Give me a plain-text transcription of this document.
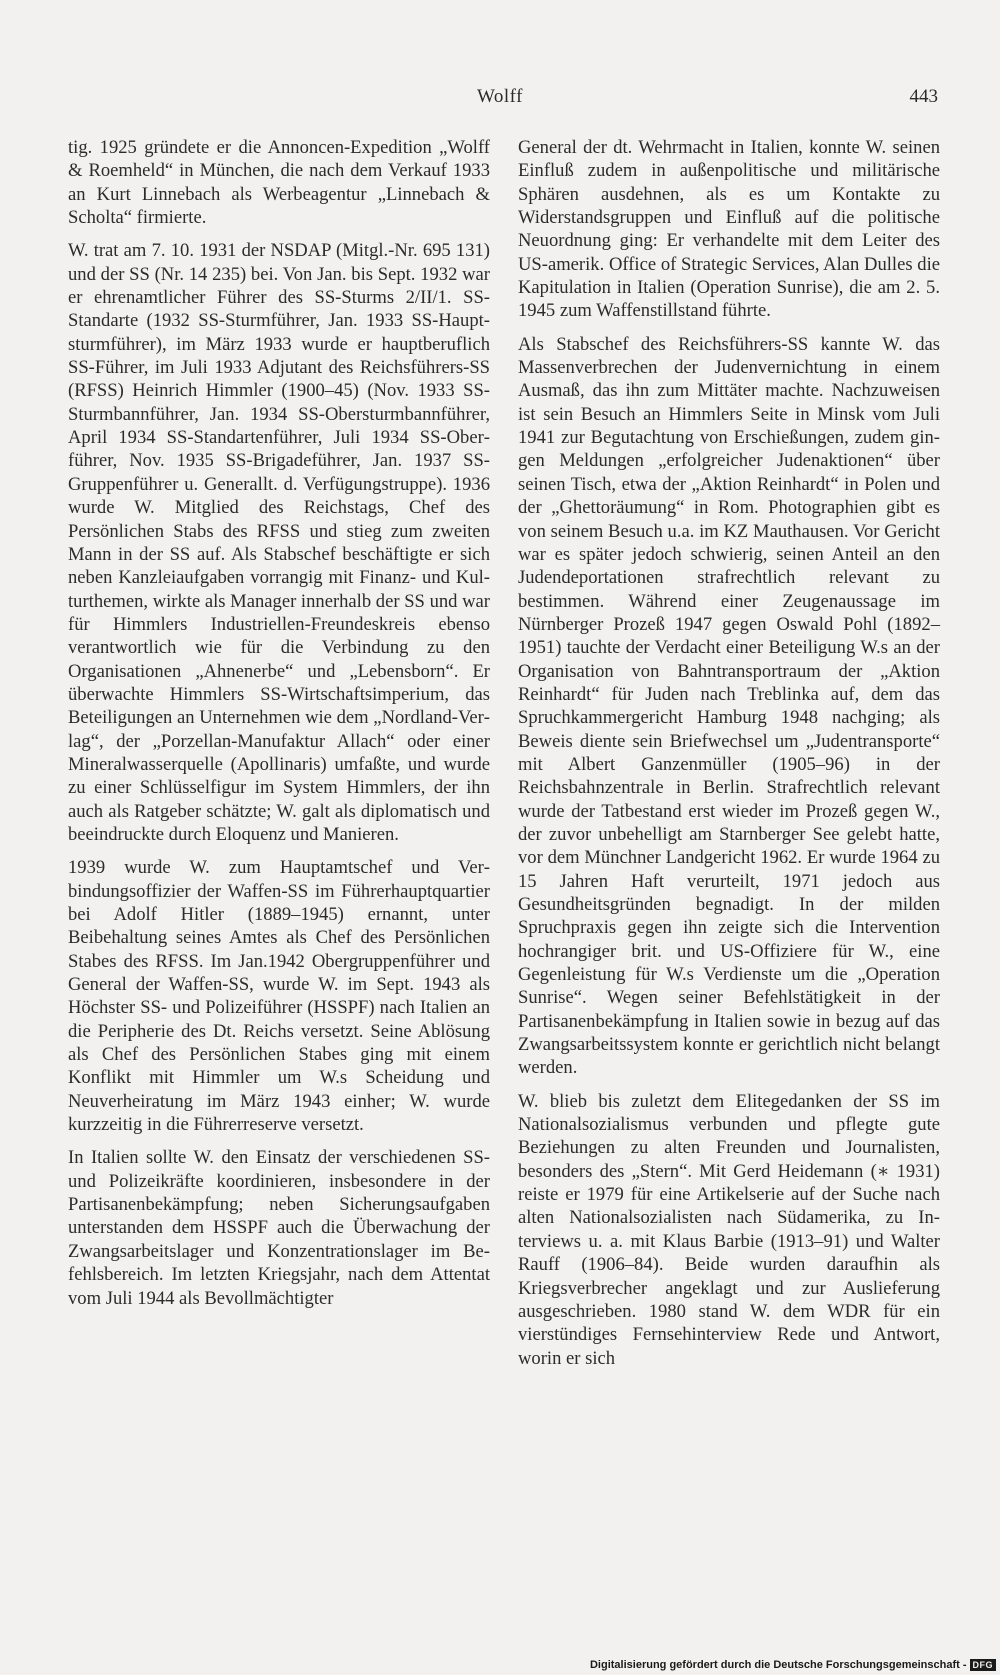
Wolff	443

tig. 1925 gründete er die Annoncen-Expedition „Wolff & Roemheld“ in München, die nach dem Verkauf 1933 an Kurt Linnebach als Werbeagentur „Linnebach & Scholta“ firmierte.

W. trat am 7. 10. 1931 der NSDAP (Mitgl.-Nr. 695 131) und der SS (Nr. 14 235) bei. Von Jan. bis Sept. 1932 war er ehrenamtlicher Führer des SS-Sturms 2/II/1. SS-Standarte (1932 SS-Sturmführer, Jan. 1933 SS-Hauptsturmführer), im März 1933 wurde er hauptberuflich SS-Führer, im Juli 1933 Adjutant des Reichsführers-SS (RFSS) Heinrich Himmler (1900–45) (Nov. 1933 SS-Sturmbannführer, Jan. 1934 SS-Obersturmbannführer, April 1934 SS-Standartenführer, Juli 1934 SS-Oberführer, Nov. 1935 SS-Brigadeführer, Jan. 1937 SS-Gruppenführer u. Generallt. d. Verfügungstruppe). 1936 wurde W. Mitglied des Reichstags, Chef des Persönlichen Stabs des RFSS und stieg zum zweiten Mann in der SS auf. Als Stabschef beschäftigte er sich neben Kanzleiaufgaben vorrangig mit Finanz- und Kulturthemen, wirkte als Manager innerhalb der SS und war für Himmlers Industriellen-Freundeskreis ebenso verantwortlich wie für die Verbindung zu den Organisationen „Ahnenerbe“ und „Lebensborn“. Er überwachte Himmlers SS-Wirtschaftsimperium, das Beteiligungen an Unternehmen wie dem „Nordland-Verlag“, der „Porzellan-Manufaktur Allach“ oder einer Mineralwasserquelle (Apollinaris) umfaßte, und wurde zu einer Schlüsselfigur im System Himmlers, der ihn auch als Ratgeber schätzte; W. galt als diplomatisch und beeindruckte durch Eloquenz und Manieren.

1939 wurde W. zum Hauptamtschef und Verbindungsoffizier der Waffen-SS im Führerhauptquartier bei Adolf Hitler (1889–1945) ernannt, unter Beibehaltung seines Amtes als Chef des Persönlichen Stabes des RFSS. Im Jan.1942 Obergruppenführer und General der Waffen-SS, wurde W. im Sept. 1943 als Höchster SS- und Polizeiführer (HSSPF) nach Italien an die Peripherie des Dt. Reichs versetzt. Seine Ablösung als Chef des Persönlichen Stabes ging mit einem Konflikt mit Himmler um W.s Scheidung und Neuverheiratung im März 1943 einher; W. wurde kurzzeitig in die Führerreserve versetzt.

In Italien sollte W. den Einsatz der verschiedenen SS- und Polizeikräfte koordinieren, insbesondere in der Partisanenbekämpfung; neben Sicherungsaufgaben unterstanden dem HSSPF auch die Überwachung der Zwangsarbeitslager und Konzentrationslager im Befehlsbereich. Im letzten Kriegsjahr, nach dem Attentat vom Juli 1944 als Bevollmächtigter

General der dt. Wehrmacht in Italien, konnte W. seinen Einfluß zudem in außenpolitische und militärische Sphären ausdehnen, als es um Kontakte zu Widerstandsgruppen und Einfluß auf die politische Neuordnung ging: Er verhandelte mit dem Leiter des US-amerik. Office of Strategic Services, Alan Dulles die Kapitulation in Italien (Operation Sunrise), die am 2. 5. 1945 zum Waffenstillstand führte.

Als Stabschef des Reichsführers-SS kannte W. das Massenverbrechen der Judenvernichtung in einem Ausmaß, das ihn zum Mittäter machte. Nachzuweisen ist sein Besuch an Himmlers Seite in Minsk vom Juli 1941 zur Begutachtung von Erschießungen, zudem gingen Meldungen „erfolgreicher Judenaktionen“ über seinen Tisch, etwa der „Aktion Reinhardt“ in Polen und der „Ghettoräumung“ in Rom. Photographien gibt es von seinem Besuch u.a. im KZ Mauthausen. Vor Gericht war es später jedoch schwierig, seinen Anteil an den Judendeportationen strafrechtlich relevant zu bestimmen. Während einer Zeugenaussage im Nürnberger Prozeß 1947 gegen Oswald Pohl (1892–1951) tauchte der Verdacht einer Beteiligung W.s an der Organisation von Bahntransportraum der „Aktion Reinhardt“ für Juden nach Treblinka auf, dem das Spruchkammergericht Hamburg 1948 nachging; als Beweis diente sein Briefwechsel um „Judentransporte“ mit Albert Ganzenmüller (1905–96) in der Reichsbahnzentrale in Berlin. Strafrechtlich relevant wurde der Tatbestand erst wieder im Prozeß gegen W., der zuvor unbehelligt am Starnberger See gelebt hatte, vor dem Münchner Landgericht 1962. Er wurde 1964 zu 15 Jahren Haft verurteilt, 1971 jedoch aus Gesundheitsgründen begnadigt. In der milden Spruchpraxis gegen ihn zeigte sich die Intervention hochrangiger brit. und US-Offiziere für W., eine Gegenleistung für W.s Verdienste um die „Operation Sunrise“. Wegen seiner Befehlstätigkeit in der Partisanenbekämpfung in Italien sowie in bezug auf das Zwangsarbeitssystem konnte er gerichtlich nicht belangt werden.

W. blieb bis zuletzt dem Elitegedanken der SS im Nationalsozialismus verbunden und pflegte gute Beziehungen zu alten Freunden und Journalisten, besonders des „Stern“. Mit Gerd Heidemann (∗ 1931) reiste er 1979 für eine Artikelserie auf der Suche nach alten Nationalsozialisten nach Südamerika, zu Interviews u. a. mit Klaus Barbie (1913–91) und Walter Rauff (1906–84). Beide wurden daraufhin als Kriegsverbrecher angeklagt und zur Auslieferung ausgeschrieben. 1980 stand W. dem WDR für ein vierstündiges Fernsehinterview Rede und Antwort, worin er sich

Digitalisierung gefördert durch die Deutsche Forschungsgemeinschaft - DFG
